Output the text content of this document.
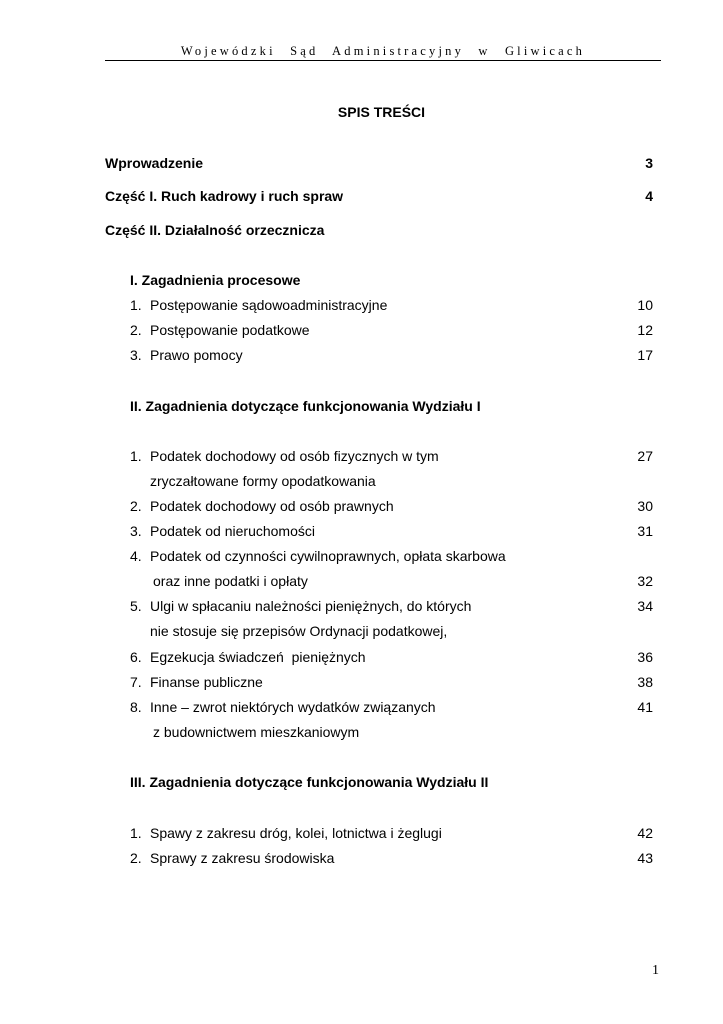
Wojewódzki Sąd Administracyjny w Gliwicach
SPIS TREŚCI
Wprowadzenie	3
Część I. Ruch kadrowy i ruch spraw	4
Część II. Działalność orzecznicza
I. Zagadnienia procesowe
1. Postępowanie sądowoadministracyjne	10
2. Postępowanie podatkowe	12
3. Prawo pomocy	17
II. Zagadnienia dotyczące funkcjonowania Wydziału I
1. Podatek dochodowy od osób fizycznych w tym	27
zryczałtowane formy opodatkowania
2. Podatek dochodowy od osób prawnych	30
3. Podatek od nieruchomości	31
4. Podatek od czynności cywilnoprawnych, opłata skarbowa
oraz inne podatki i opłaty	32
5. Ulgi w spłacaniu należności pieniężnych, do których	34
nie stosuje się przepisów Ordynacji podatkowej,
6. Egzekucja świadczeń  pieniężnych	36
7. Finanse publiczne	38
8. Inne – zwrot niektórych wydatków związanych	41
z budownictwem mieszkaniowym
III. Zagadnienia dotyczące funkcjonowania Wydziału II
1. Spawy z zakresu dróg, kolei, lotnictwa i żeglugi	42
2. Sprawy z zakresu środowiska	43
1
